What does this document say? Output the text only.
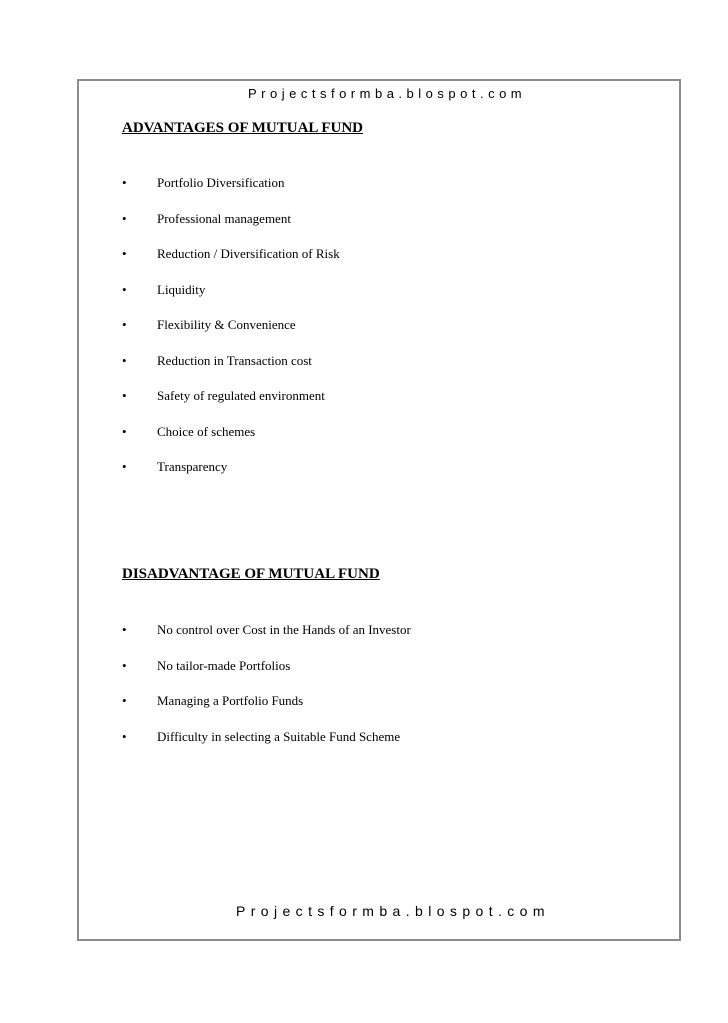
Projectsformba.blospot.com
ADVANTAGES OF MUTUAL FUND
•	Portfolio Diversification
•	Professional management
•	Reduction / Diversification of Risk
•	Liquidity
•	Flexibility & Convenience
•	Reduction in Transaction cost
•	Safety of regulated environment
•	Choice of schemes
•	Transparency
DISADVANTAGE OF MUTUAL FUND
•	No control over Cost in the Hands of an Investor
•	No tailor-made Portfolios
•	Managing a Portfolio Funds
•	Difficulty in selecting a Suitable Fund Scheme
Projectsformba.blospot.com
